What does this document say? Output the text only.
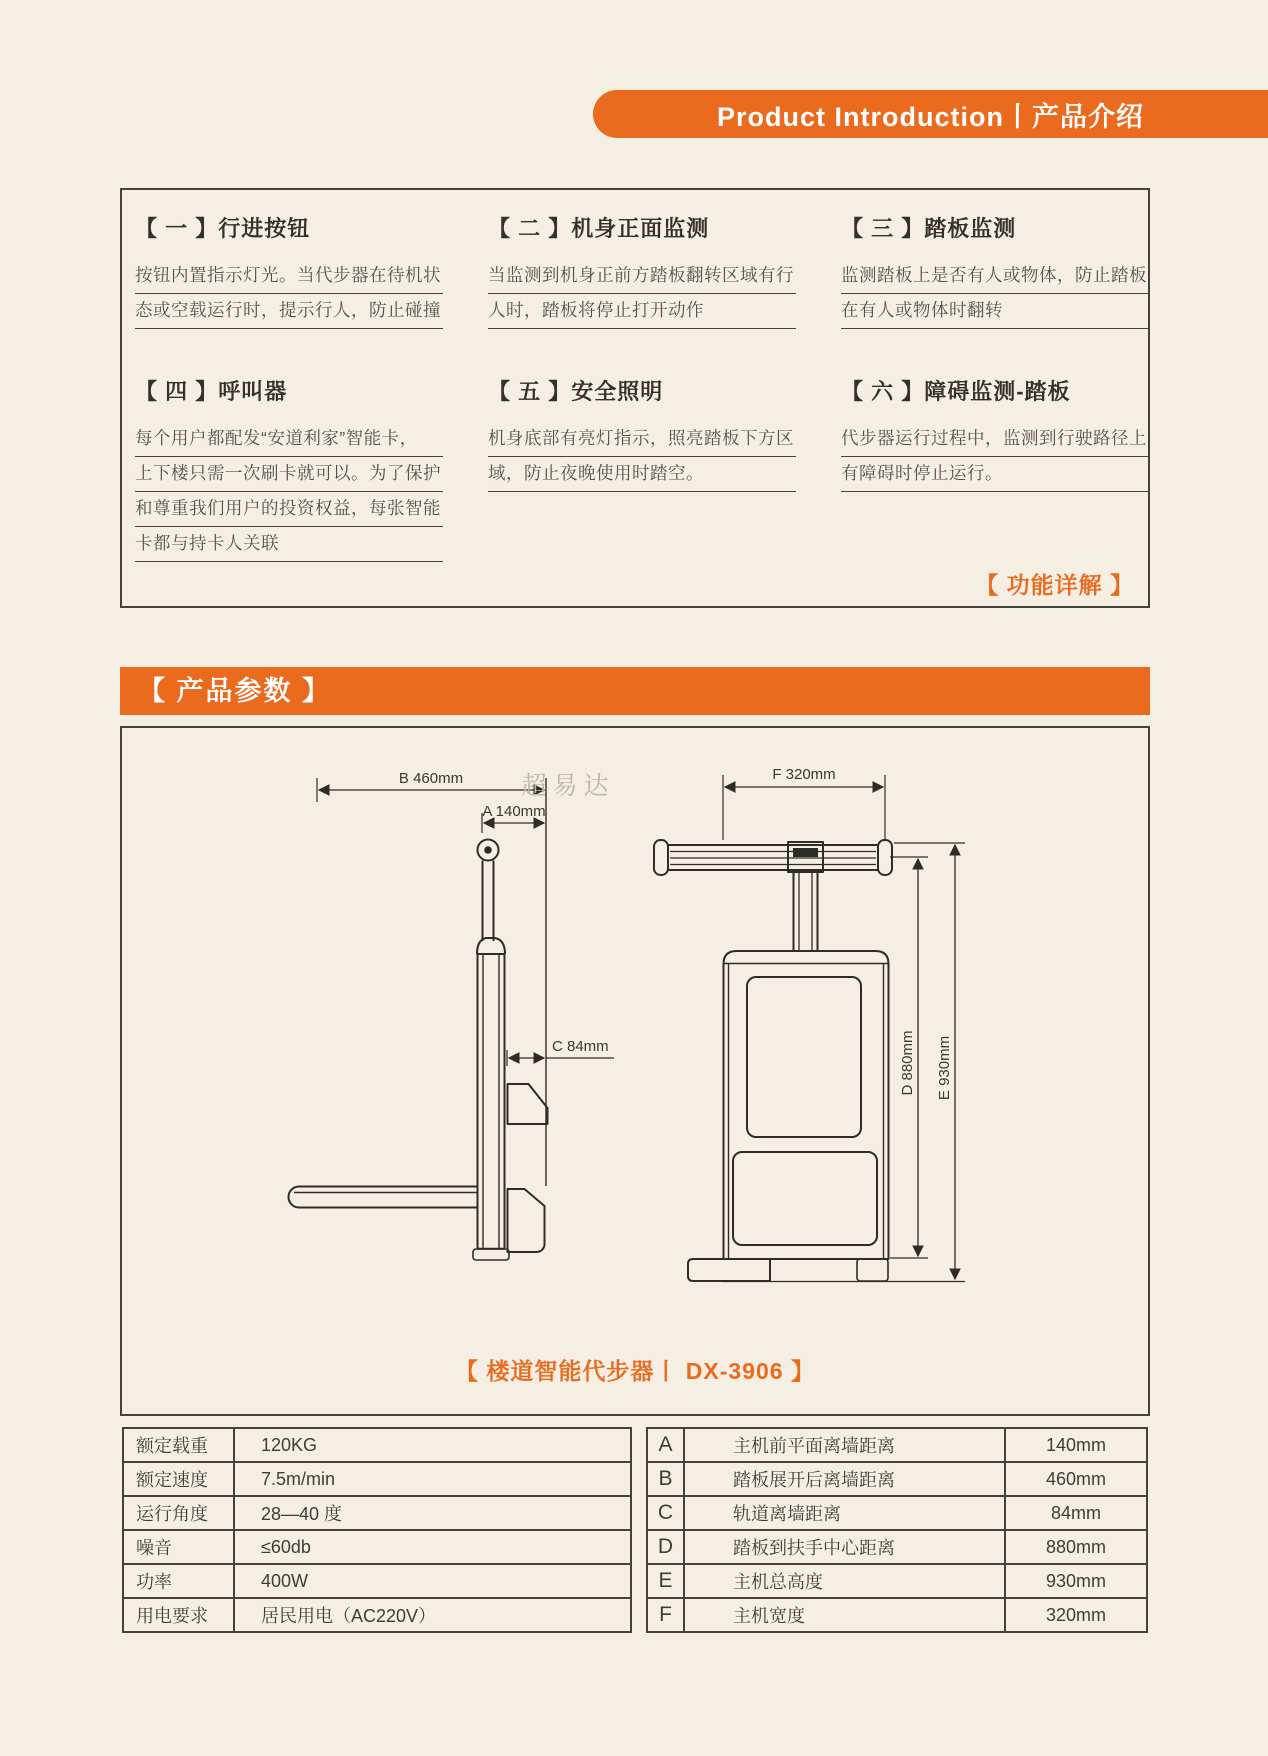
Product Introduction丨产品介绍
【 一 】行进按钮
按钮内置指示灯光。当代步器在待机状
态或空载运行时，提示行人，防止碰撞
【 二 】机身正面监测
当监测到机身正前方踏板翻转区域有行
人时，踏板将停止打开动作
【 三 】踏板监测
监测踏板上是否有人或物体，防止踏板
在有人或物体时翻转
【 四 】呼叫器
每个用户都配发“安道利家”智能卡，
上下楼只需一次刷卡就可以。为了保护
和尊重我们用户的投资权益，每张智能
卡都与持卡人关联
【 五 】安全照明
机身底部有亮灯指示，照亮踏板下方区
域，防止夜晚使用时踏空。
【 六 】障碍监测-踏板
代步器运行过程中，监测到行驶路径上
有障碍时停止运行。
【 功能详解 】
【 产品参数 】
B 460mm
A 140mm
C 84mm
F 320mm
D 880mm E 930mm
超易达
【 楼道智能代步器丨 DX-3906 】
额定载重	120KG
额定速度	7.5m/min
运行角度	28—40 度
噪音	≤60db
功率	400W
用电要求	居民用电（AC220V）
A	主机前平面离墙距离	140mm
B	踏板展开后离墙距离	460mm
C	轨道离墙距离	84mm
D	踏板到扶手中心距离	880mm
E	主机总高度	930mm
F	主机宽度	320mm
